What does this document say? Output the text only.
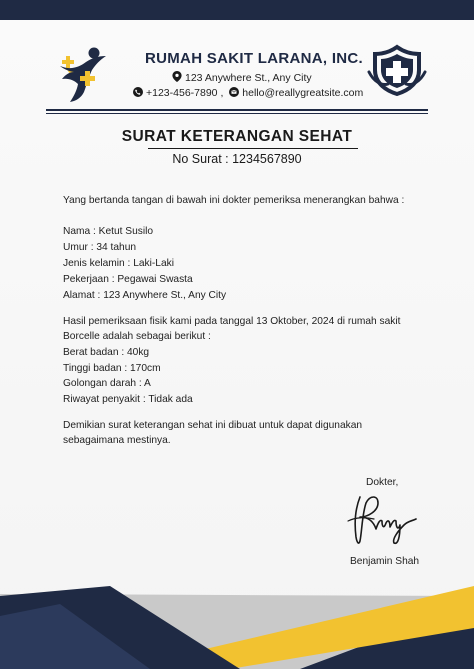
RUMAH SAKIT LARANA, INC.
123 Anywhere St., Any City
+123-456-7890 , hello@reallygreatsite.com
SURAT KETERANGAN SEHAT
No Surat : 1234567890
Yang bertanda tangan di bawah ini dokter pemeriksa menerangkan bahwa :
Nama : Ketut Susilo
Umur : 34 tahun
Jenis kelamin : Laki-Laki
Pekerjaan : Pegawai Swasta
Alamat : 123 Anywhere St., Any City
Hasil pemeriksaan fisik kami pada tanggal 13 Oktober, 2024 di rumah sakit
Borcelle adalah sebagai berikut :
Berat badan : 40kg
Tinggi badan : 170cm
Golongan darah : A
Riwayat penyakit : Tidak ada
Demikian surat keterangan sehat ini dibuat untuk dapat digunakan
sebagaimana mestinya.
Dokter,
Benjamin Shah
